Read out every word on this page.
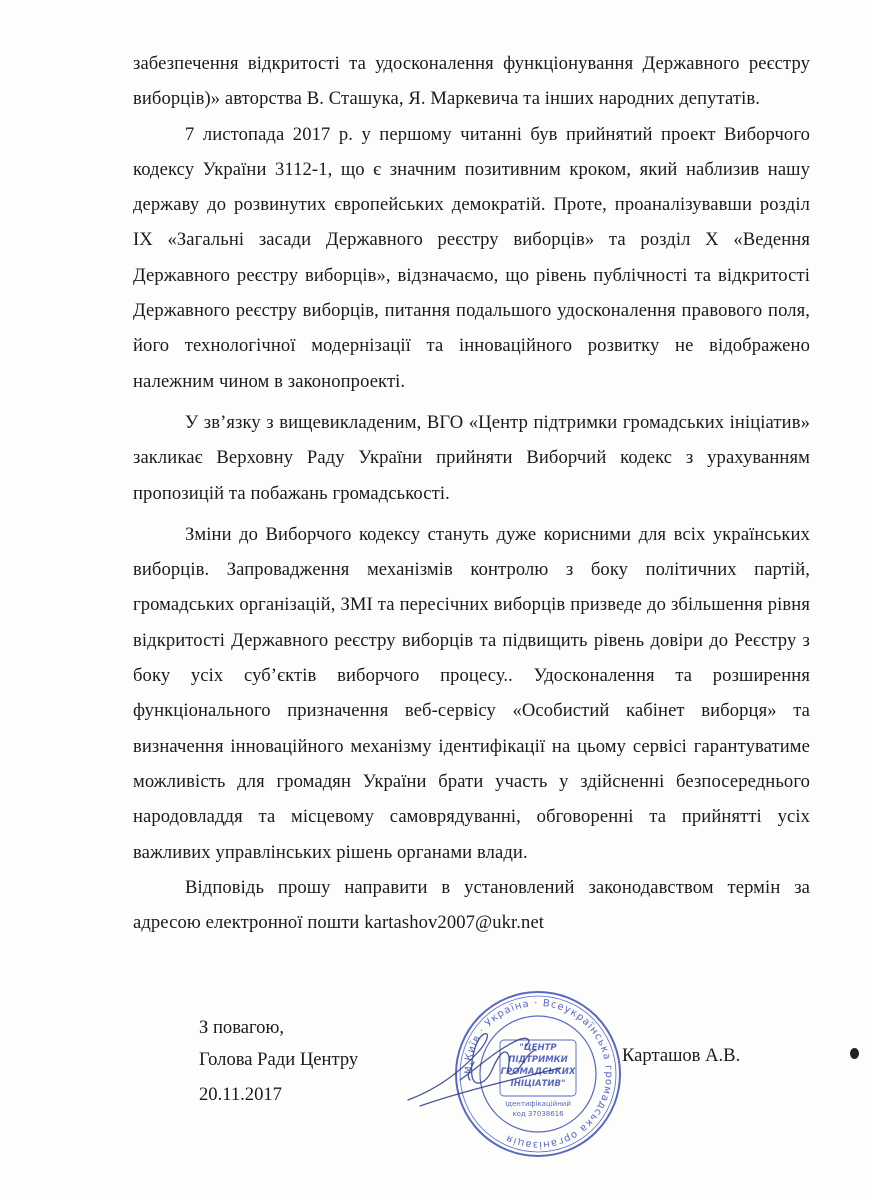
забезпечення відкритості та удосконалення функціонування Державного реєстру виборців)» авторства В. Сташука, Я. Маркевича та інших народних депутатів.

7 листопада 2017 р. у першому читанні був прийнятий проект Виборчого кодексу України 3112-1, що є значним позитивним кроком, який наблизив нашу державу до розвинутих європейських демократій. Проте, проаналізувавши розділ IX «Загальні засади Державного реєстру виборців» та розділ X «Ведення Державного реєстру виборців», відзначаємо, що рівень публічності та відкритості Державного реєстру виборців, питання подальшого удосконалення правового поля, його технологічної модернізації та інноваційного розвитку не відображено належним чином в законопроекті.

У зв’язку з вищевикладеним, ВГО «Центр підтримки громадських ініціатив» закликає Верховну Раду України прийняти Виборчий кодекс з урахуванням пропозицій та побажань громадськості.

Зміни до Виборчого кодексу стануть дуже корисними для всіх українських виборців. Запровадження механізмів контролю з боку політичних партій, громадських організацій, ЗМІ та пересічних виборців призведе до збільшення рівня відкритості Державного реєстру виборців та підвищить рівень довіри до Реєстру з боку усіх суб’єктів виборчого процесу.. Удосконалення та розширення функціонального призначення веб-сервісу «Особистий кабінет виборця» та визначення інноваційного механізму ідентифікації на цьому сервісі гарантуватиме можливість для громадян України брати участь у здійсненні безпосереднього народовладдя та місцевому самоврядуванні, обговоренні та прийнятті усіх важливих управлінських рішень органами влади.

Відповідь прошу направити в установлений законодавством термін за адресою електронної пошти kartashov2007@ukr.net

З повагою,
Голова Ради Центру
20.11.2017
Карташов А.В.
м.Київ · Україна · Всеукраїнська громадська організація
"ЦЕНТР
ПІДТРИМКИ
ГРОМАДСЬКИХ
ІНІЦІАТИВ"
Ідентифікаційний
код 37038616
